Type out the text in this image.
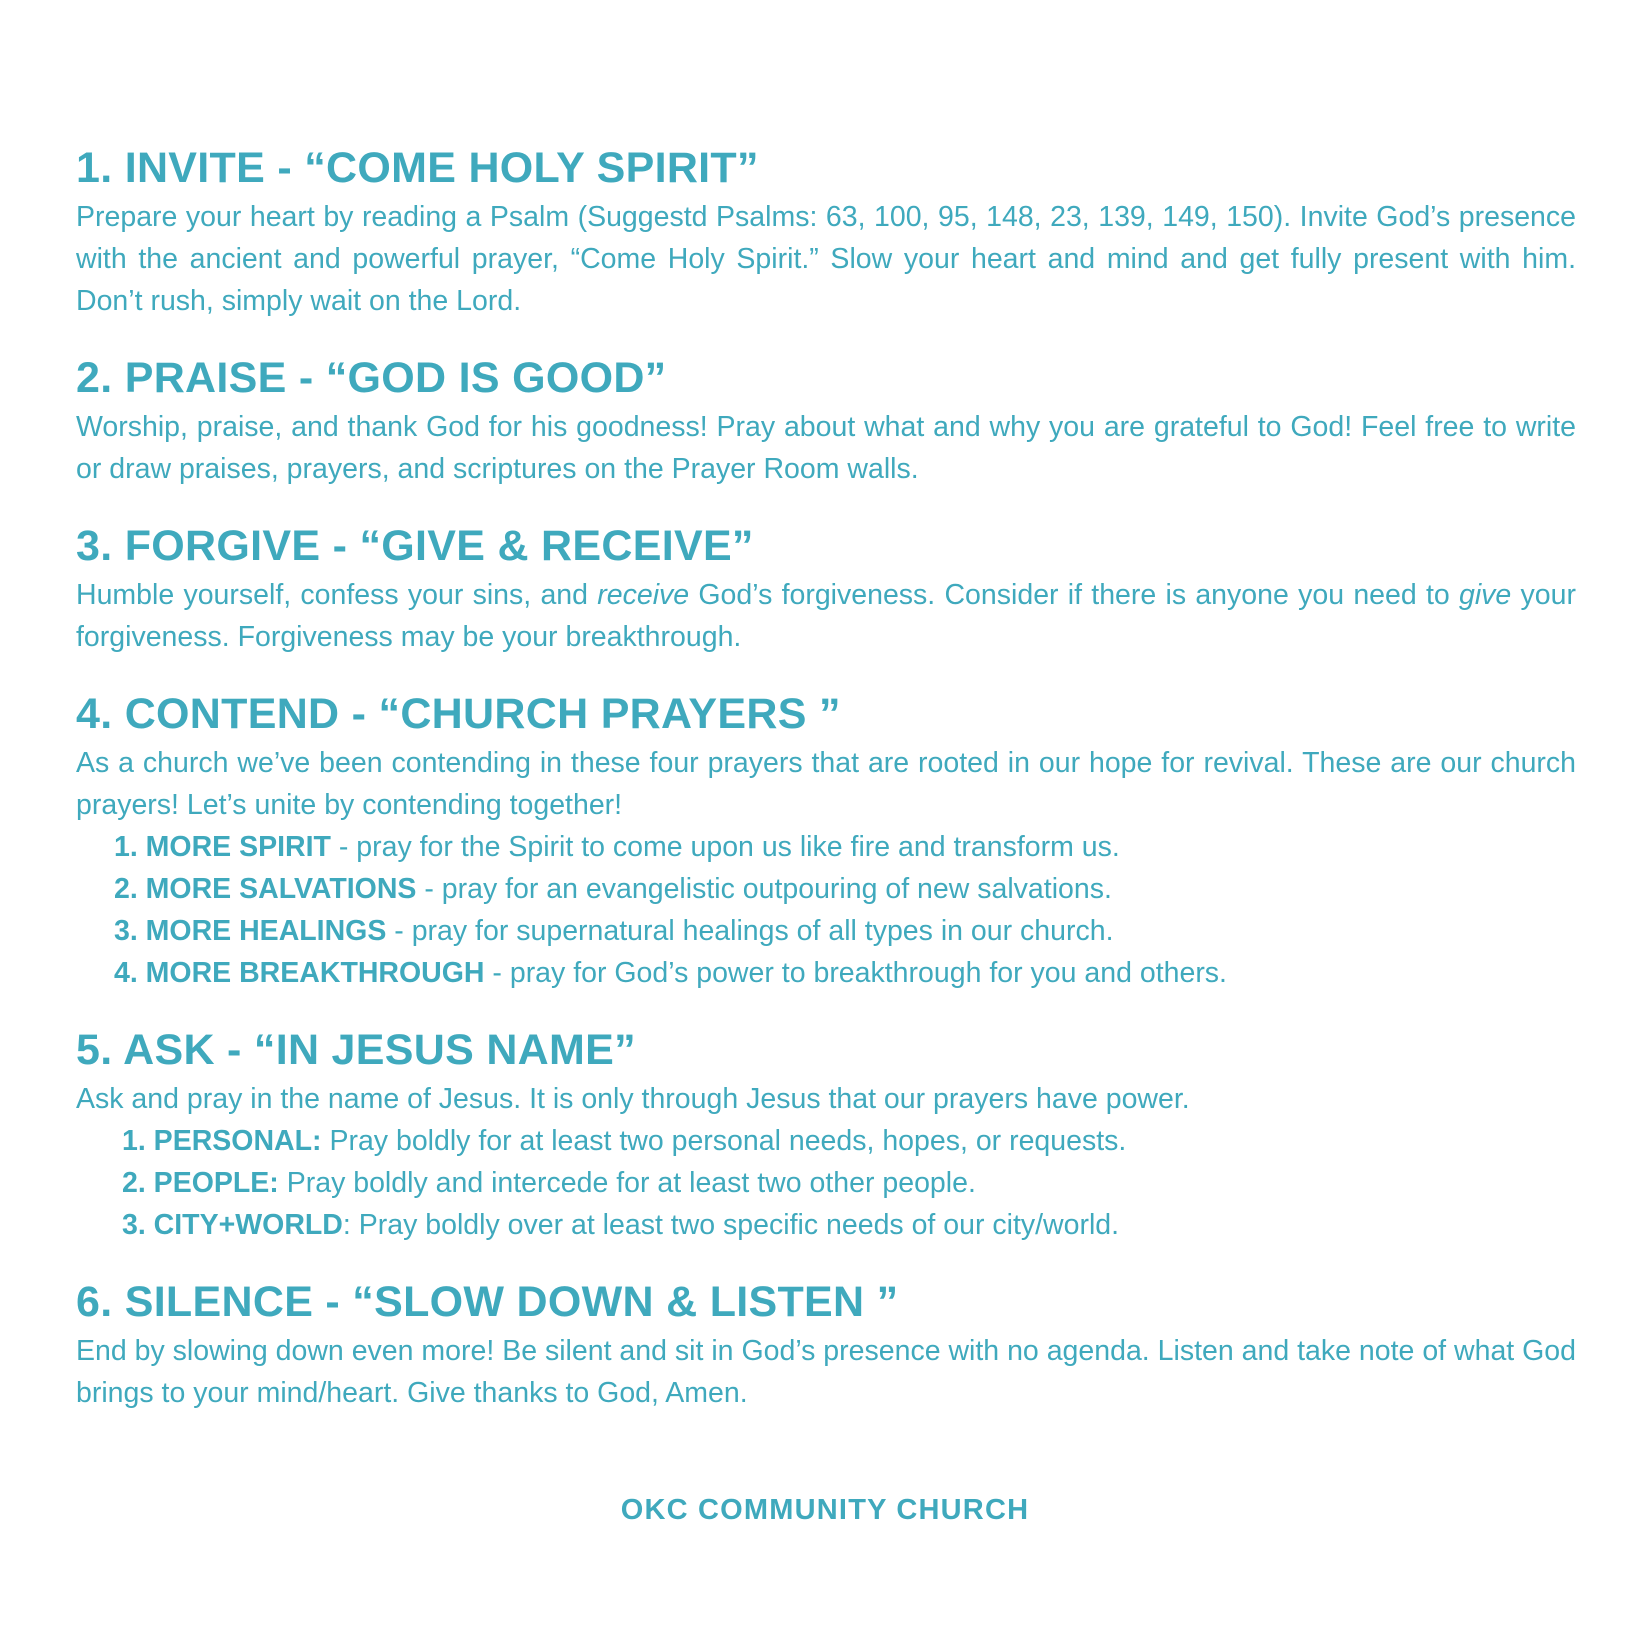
1. INVITE - “COME HOLY SPIRIT”

Prepare your heart by reading a Psalm (Suggestd Psalms: 63, 100, 95, 148, 23, 139, 149, 150). Invite God’s presence with the ancient and powerful prayer, “Come Holy Spirit.” Slow your heart and mind and get fully present with him. Don’t rush, simply wait on the Lord.

2. PRAISE - “GOD IS GOOD”

Worship, praise, and thank God for his goodness! Pray about what and why you are grateful to God! Feel free to write or draw praises, prayers, and scriptures on the Prayer Room walls.

3. FORGIVE - “GIVE & RECEIVE”

Humble yourself, confess your sins, and receive God’s forgiveness. Consider if there is anyone you need to give your forgiveness. Forgiveness may be your breakthrough.

4. CONTEND - “CHURCH PRAYERS ”

As a church we’ve been contending in these four prayers that are rooted in our hope for revival. These are our church prayers! Let’s unite by contending together!

1. MORE SPIRIT - pray for the Spirit to come upon us like fire and transform us.
2. MORE SALVATIONS - pray for an evangelistic outpouring of new salvations.
3. MORE HEALINGS - pray for supernatural healings of all types in our church.
4. MORE BREAKTHROUGH - pray for God’s power to breakthrough for you and others.
5. ASK - “IN JESUS NAME”

Ask and pray in the name of Jesus. It is only through Jesus that our prayers have power.

1. PERSONAL: Pray boldly for at least two personal needs, hopes, or requests.
2. PEOPLE: Pray boldly and intercede for at least two other people.
3. CITY+WORLD: Pray boldly over at least two specific needs of our city/world.
6. SILENCE - “SLOW DOWN & LISTEN ”

End by slowing down even more! Be silent and sit in God’s presence with no agenda. Listen and take note of what God brings to your mind/heart. Give thanks to God, Amen.

OKC COMMUNITY CHURCH
